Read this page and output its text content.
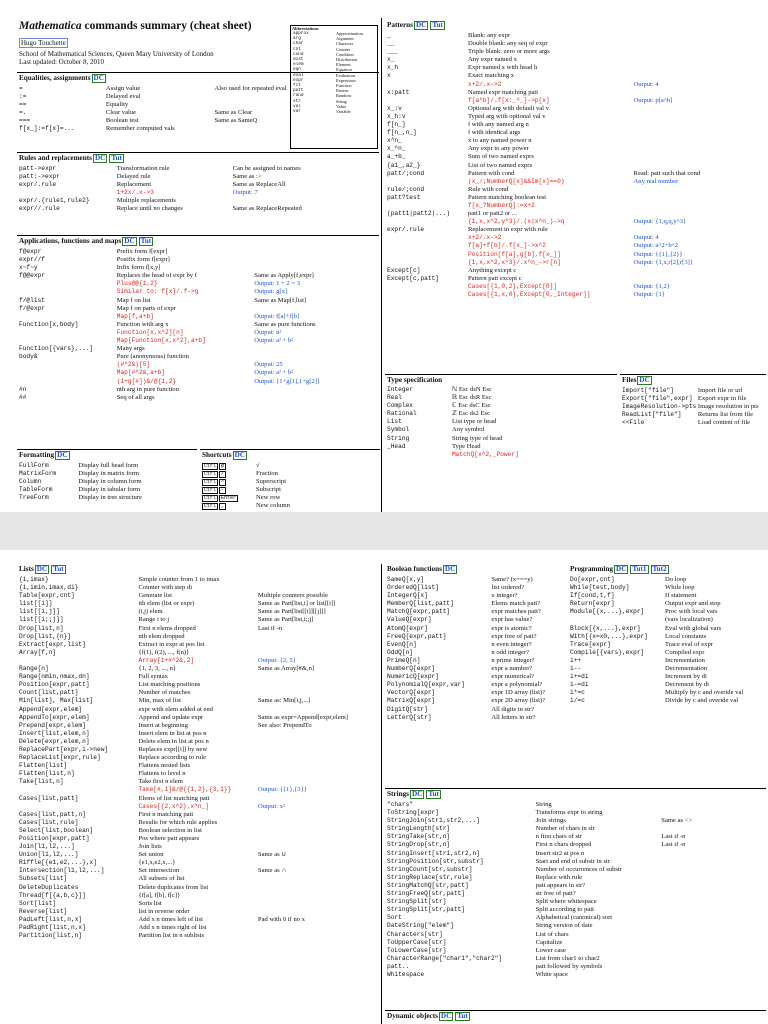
Mathematica commands summary (cheat sheet)
Hugo Touchette
School of Mathematical Sciences, Queen Mary University of London
Last updated: October 8, 2010
Abbreviations
approx	Approximation
arg	Argument
char	Character
cnt	Counter
cond	Condition
dist	Distribution
elem	Element
eqn	Equation
eval	Evaluation
expr	Expression
fct	Function
patt	Pattern
rand	Random
str	String
val	Value
var	Variable
Equalities, assignments DC
=	Assign value	Also used for repeated eval
:=	Delayed eval	
==	Equality	
=.	Clear value	Same as Clear
===	Boolean test	Same as SameQ
f[x_]:=f[x]=...	Remember computed vals	
Rules and replacements DC Tut
patt->expr	Transformation rule	Can be assigned to names
patt:->expr	Delayed rule	Same as :>
expr/.rule	Replacement	Same as ReplaceAll
	1+2x/.x->3	Output: 7
expr/.{rule1,rule2}	Multiple replacements	
expr//.rule	Replace until no changes	Same as ReplaceRepeated
Applications, functions and maps DC Tut
f@expr	Prefix form f[expr]	
expr//f	Postfix form f[expr]	
x~f~y	Infix form f[x,y]	
f@@expr	Replaces the head of expr by f	Same as Apply[f,expr]
	Plus@@{1,2}	Output: 1 + 2 = 3
	Similar to: f[x]/.f->g	Output: g[x]
f/@list	Map f on list	Same as Map[f,list]
f/@expr	Map f on parts of expr	
	Map[f,a+b]	Output: f[a]+f[b]
Function[x,body]	Function with arg x	Same as pure functions
	Function[x,x^2][n]	Output: n²
	Map[Function[x,x^2],a+b]	Output: a² + b²
Function[{vars},...]	Many args	
body&	Pure (anonymous) function	
	(#^2&)[5]	Output: 25
	Map[#^2&,a+b]	Output: a² + b²
	(1+g[#])&/@{1,2}	Output: {1+g[1],1+g[2]}
#n	nth arg in pure function	
##	Seq of all args	
Formatting DC
FullForm	Display full head form
MatrixForm	Display in matrix form
Column	Display in column form
TableForm	Display in tabular form
TreeForm	Display in tree structure
Shortcuts DC
Ctrl @	√
Ctrl /	Fraction
Ctrl ^	Superscript
Ctrl -	Subscript
Ctrl Enter	New row
Ctrl ,	New column
Patterns DC Tut
_	Blank: any expr	
__	Double blank: any seq of expr	
___	Triple blank: zero or more args	
x_	Any expr named x	
x_h	Expr named x with head h	
x	Exact matching x	
	x+2/.x->2	Output: 4
x:patt	Named expr matching patt	
	f[a^b]/.f[x:_^_]->p[x]	Output: p[a^b]
x_:v	Optional arg with default val v	
x_h:v	Typed arg with optional val v	
f[n_]	f with any named arg n	
f[n_,n_]	f with identical args	
x^n_	x to any named power n	
x_^n_	Any expr to any power	
a_+b_	Sum of two named exprs	
{a1_,a2_}	List of two named exprs	
patt/;cond	Pattern with cond	Read: patt such that cond
	(x_/;NumberQ[x]&&Im[x]==0)	Any real number
rule/;cond	Rule with cond	
patt?test	Pattern matching boolean test	
	f[x_?NumberQ]:=x+2	
(patt1|patt2|...)	patt1 or patt2 or ...	
	{1,x,x^2,y^3}/.(x|x^n_)->q	Output: {1,q,q,y^3}
expr/.rule	Replacement in expr with rule	
	x+2/.x->2	Output: 4
	f[a]+f[b]/.f[x_]->x^2	Output: a^2+b^2
	Position[f[a],g[b],f[x_]]	Output: {{1},{2}}
	{1,x,x^2,x^3}/.x^n_->r[n]	Output: {1,x,r[2],r[3]}
Except[c]	Anything except c	
Except[c,patt]	Pattern patt except c	
	Cases[{1,0,2},Except[0]]	Output: {1,2}
	Cases[{1,x,0},Except[0,_Integer]]	Output: {1}
Type specification
Integer	ℕ Esc dsN Esc
Real	ℝ Esc dsR Esc
Complex	ℂ Esc dsC Esc
Rational	ℤ Esc ds2 Esc
List	List type or head
Symbol	Any symbol
String	String type of head
_Head	Type Head
	MatchQ[x^2,_Power]
Files DC
Import["file"]	Import file or url
Export["file",expr]	Export expr in file
ImageResolution->pts	Image resolution in pts
ReadList["file"]	Returns list from file
<<File`	Load content of file
Lists DC Tut
{i,imax}	Simple counter from 1 to imax	
{i,imin,imax,di}	Counter with step di	
Table[expr,cnt]	Generate list	Multiple counters possible
list[[i]]	ith elem (list or expr)	Same as Part[list,i] or list[[i]]
list[[i,j]]	(i,j) elem	Same as Part[list[[i]][[j]]]
list[[i;;j]]	Range i to j	Same as Part[list,i;;j]
Drop[list,n]	First n elems dropped	Last if -n
Drop[list,{n}]	nth elem dropped	
Extract[expr,list]	Extract in expr at pos list	
Array[f,n]	{f(1), f(2), ..., f(n)}	
	Array[1+#^2&,2]	Output: {2, 5}
Range[n]	{1, 2, 3, ..., n}	Same as Array[#&,n]
Range[nmin,nmax,dn]	Full syntax	
Position[expr,patt]	List matching positions	
Count[list,patt]	Number of matches	
Min[list], Max[list]	Min, max of list	Same as: Min[i,j,...]
Append[expr,elem]	expr with elem added at end	
AppendTo[expr,elem]	Append and update expr	Same as expr=Append[expr,elem]
Prepend[expr,elem]	Insert at beginning	See also: PrependTo
Insert[list,elem,n]	Insert elem in list at pos n	
Delete[expr,elem,n]	Delete elem in list at pos n	
ReplacePart[expr,i->new]	Replaces expr[[i]] by new	
ReplaceList[expr,rule]	Replace according to rule	
Flatten[list]	Flattens nested lists	
Flatten[list,n]	Flattens to level n	
Take[list,n]	Take first n elem	
	Take[#,1]&/@{{1,2},{3,1}}	Output: {{1},{3}}
Cases[list,patt]	Elems of list matching patt	
	Cases[{2,x^2},x^n_]	Output: x²
Cases[list,patt,n]	First n matching patt	
Cases[list,rule]	Results for which rule applies	
Select[list,boolean]	Boolean selection in list	
Position[expr,patt]	Pos where patt appears	
Join[l1,l2,...]	Join lists	
Union[l1,l2,...]	Set union	Same as ∪
Riffle[{e1,e2,...},x]	{e1,x,e2,x,...}	
Intersection[l1,l2,...]	Set intersection	Same as ∩
Subsets[list]	All subsets of list	
DeleteDuplicates	Delete duplicates from list	
Thread[f[{a,b,c}]]	{f[a], f[b], f[c]}	
Sort[list]	Sorts list	
Reverse[list]	list in reverse order	
PadLeft[list,n,x]	Add x n times left of list	Pad with 0 if no x
PadRight[list,n,x]	Add x n times right of list	
Partition[list,n]	Partition list in n sublists	
Boolean functions DC
SameQ[x,y]	Same? (x===y)
OrderedQ[list]	list ordered?
IntegerQ[x]	x integer?
MemberQ[list,patt]	Elems match patt?
MatchQ[expr,patt]	expr matches patt?
ValueQ[expr]	expr has value?
AtomQ[expr]	expr is atomic?
FreeQ[expr,patt]	expr free of patt?
EvenQ[n]	n even integer?
OddQ[n]	n odd integer?
PrimeQ[n]	n prime integer?
NumberQ[expr]	expr a number?
NumericQ[expr]	expr numerical?
PolynomialQ[expr,var]	expr a polynomial?
VectorQ[expr]	expr 1D array (list)?
MatrixQ[expr]	expr 2D array (list)?
DigitQ[str]	All digits in str?
LetterQ[str]	All letters in str?
Programming DC Tut1 Tut2
Do[expr,cnt]	Do loop
While[test,body]	While loop
If[cond,t,f]	If statement
Return[expr]	Output expr and stop
Module[{x,...},expr]	Proc with local vars
	(vars localization)
Block[{x,...},expr]	Eval with global vars
With[{x=x0,...},expr]	Local constants
Trace[expr]	Trace eval of expr
Compile[{vars},expr]	Compiled expr

i++	Incrementation
i--	Decrementation
i+=di	Increment by di
i-=di	Decrement by di
i*=c	Multiply by c and overide val
i/=c	Divide by c and overide val
Strings DC Tut
"chars"	String	
ToString[expr]	Transforms expr to string	
StringJoin[str1,str2,...]	Join strings	Same as <>
StringLength[str]	Number of chars in str	
StringTake[str,n]	n first chars of str	Last if -n
StringDrop[str,n]	First n chars dropped	Last if -n
StringInsert[str1,str2,n]	Insert str2 at pos n	
StringPosition[str,substr]	Start and end of substr in str	
StringCount[str,substr]	Number of occurrences of substr	
StringReplace[str,rule]	Replace with rule	
StringMatchQ[str,patt]	patt appears in str?	
StringFreeQ[str,patt]	str free of patt?	
StringSplit[str]	Split where whitespace	
StringSplit[str,patt]	Split according to patt	
Sort	Alphabetical (canonical) sort	
DateString["elem"]	String version of date	
Characters[str]	List of chars	
ToUpperCase[str]	Capitalize	
ToLowerCase[str]	Lower case	
CharacterRange["char1","char2"]	List from char1 to char2	
patt..	patt followed by symbols	
Whitespace	White space	
Dynamic objects DC Tut
